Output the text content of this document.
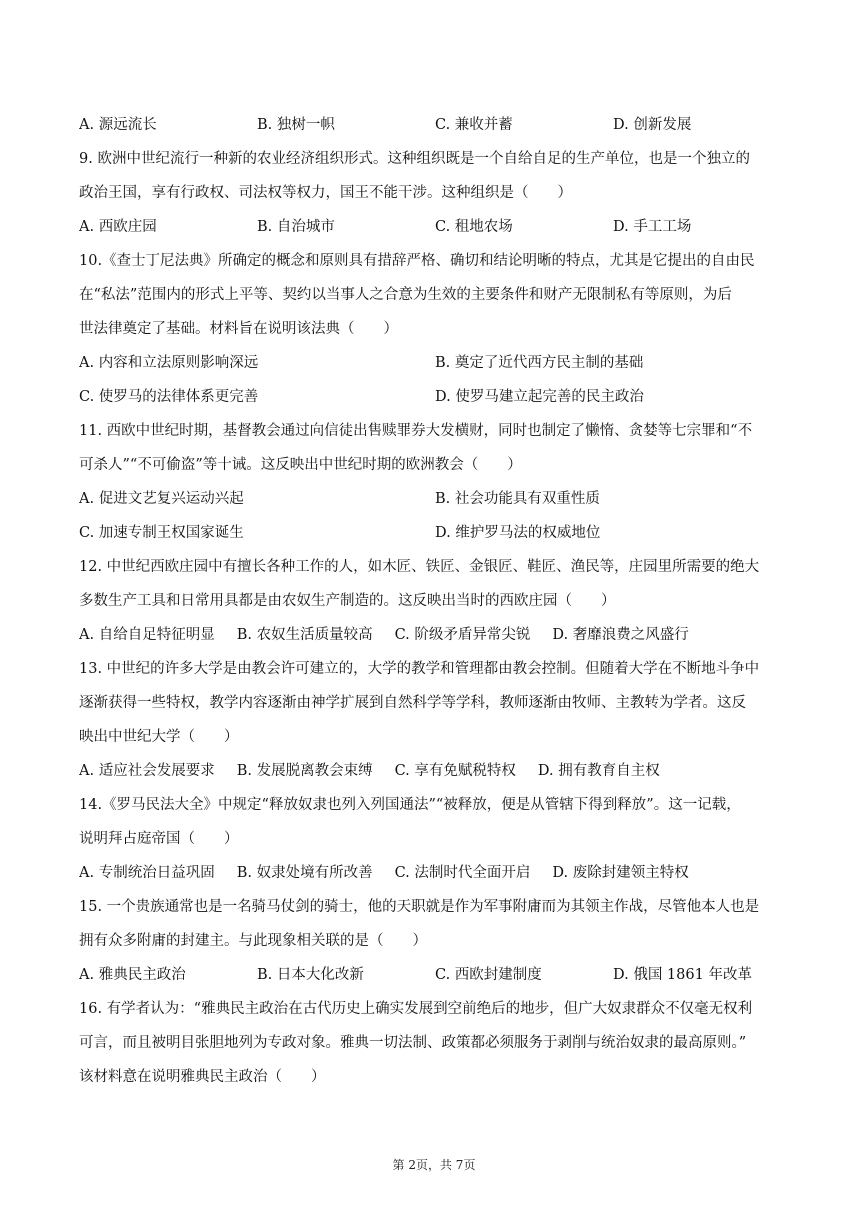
A. 源远流长	B. 独树一帜	C. 兼收并蓄	D. 创新发展
9. 欧洲中世纪流行一种新的农业经济组织形式。这种组织既是一个自给自足的生产单位，也是一个独立的
政治王国，享有行政权、司法权等权力，国王不能干涉。这种组织是（　　）
A. 西欧庄园	B. 自治城市	C. 租地农场	D. 手工工场
10.《查士丁尼法典》所确定的概念和原则具有措辞严格、确切和结论明晰的特点，尤其是它提出的自由民
在“私法”范围内的形式上平等、契约以当事人之合意为生效的主要条件和财产无限制私有等原则，为后
世法律奠定了基础。材料旨在说明该法典（　　）
A. 内容和立法原则影响深远	B. 奠定了近代西方民主制的基础
C. 使罗马的法律体系更完善	D. 使罗马建立起完善的民主政治
11. 西欧中世纪时期，基督教会通过向信徒出售赎罪券大发横财，同时也制定了懒惰、贪婪等七宗罪和“不
可杀人”“不可偷盗”等十诫。这反映出中世纪时期的欧洲教会（　　）
A. 促进文艺复兴运动兴起	B. 社会功能具有双重性质
C. 加速专制王权国家诞生	D. 维护罗马法的权威地位
12. 中世纪西欧庄园中有擅长各种工作的人，如木匠、铁匠、金银匠、鞋匠、渔民等，庄园里所需要的绝大
多数生产工具和日常用具都是由农奴生产制造的。这反映出当时的西欧庄园（　　）
A. 自给自足特征明显 B. 农奴生活质量较高 C. 阶级矛盾异常尖锐 D. 奢靡浪费之风盛行
13. 中世纪的许多大学是由教会许可建立的，大学的教学和管理都由教会控制。但随着大学在不断地斗争中
逐渐获得一些特权，教学内容逐渐由神学扩展到自然科学等学科，教师逐渐由牧师、主教转为学者。这反
映出中世纪大学（　　）
A. 适应社会发展要求 B. 发展脱离教会束缚 C. 享有免赋税特权 D. 拥有教育自主权
14.《罗马民法大全》中规定“释放奴隶也列入列国通法”“被释放，便是从管辖下得到释放”。这一记载，
说明拜占庭帝国（　　）
A. 专制统治日益巩固 B. 奴隶处境有所改善 C. 法制时代全面开启 D. 废除封建领主特权
15. 一个贵族通常也是一名骑马仗剑的骑士，他的天职就是作为军事附庸而为其领主作战，尽管他本人也是
拥有众多附庸的封建主。与此现象相关联的是（　　）
A. 雅典民主政治	B. 日本大化改新	C. 西欧封建制度	D. 俄国 1861 年改革
16. 有学者认为：“雅典民主政治在古代历史上确实发展到空前绝后的地步，但广大奴隶群众不仅毫无权利
可言，而且被明目张胆地列为专政对象。雅典一切法制、政策都必须服务于剥削与统治奴隶的最高原则。”
该材料意在说明雅典民主政治（　　）
第 2页，共 7页
